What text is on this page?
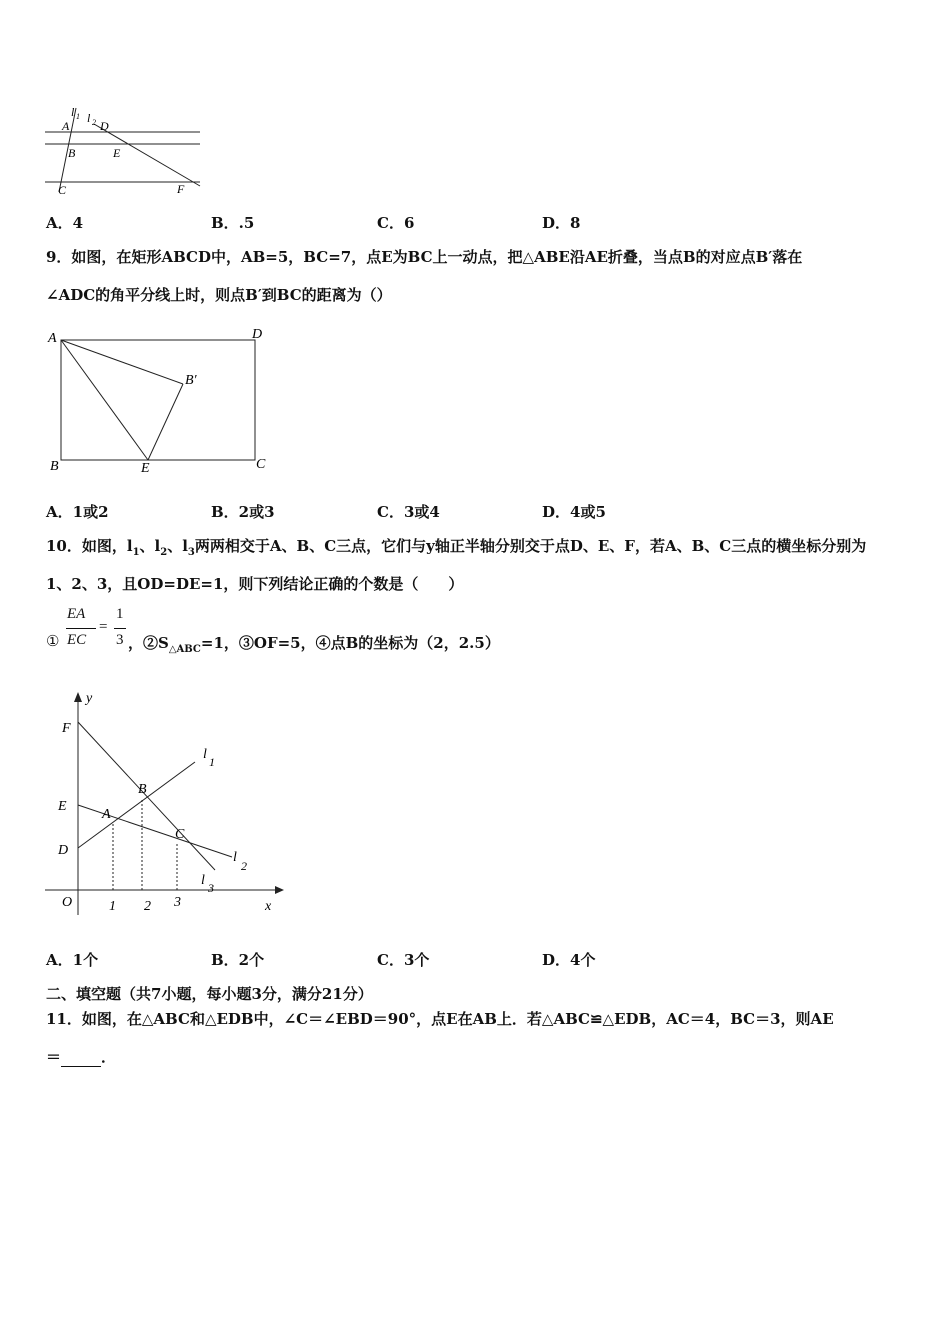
l 1 l 2
A	D
B	E
C	F
A．4	B．.5	C．6	D．8
9．如图，在矩形ABCD中，AB=5，BC=7，点E为BC上一动点，把△ABE沿AE折叠，当点B的对应点B′落在
∠ADC的角平分线上时，则点B′到BC的距离为（）
A	D
B′
B	E	C
A．1或2	B．2或3	C．3或4	D．4或5
10．如图，$l_1$、$l_2$、$l_3$两两相交于A、B、C三点，它们与y轴正半轴分别交于点D、E、F，若A、B、C三点的横坐标分别为
1、2、3，且OD=DE=1，则下列结论正确的个数是（　　）
①
EA
EC
=
1
3 ，$②S_{\triangle ABC}=1$，③OF=5，④点B的坐标为（2，2.5）
y
x
O
F
E
D
A
B
C
l 1
l
2
l 3
1 2 3
A．1个	B．2个	C．3个	D．4个
二、填空题（共7小题，每小题3分，满分21分）
11．如图，在△ABC和△EDB中，∠C＝∠EBD＝90°，点E在AB上．若△ABC≌△EDB，AC＝4，BC＝3，则AE
＝	．
